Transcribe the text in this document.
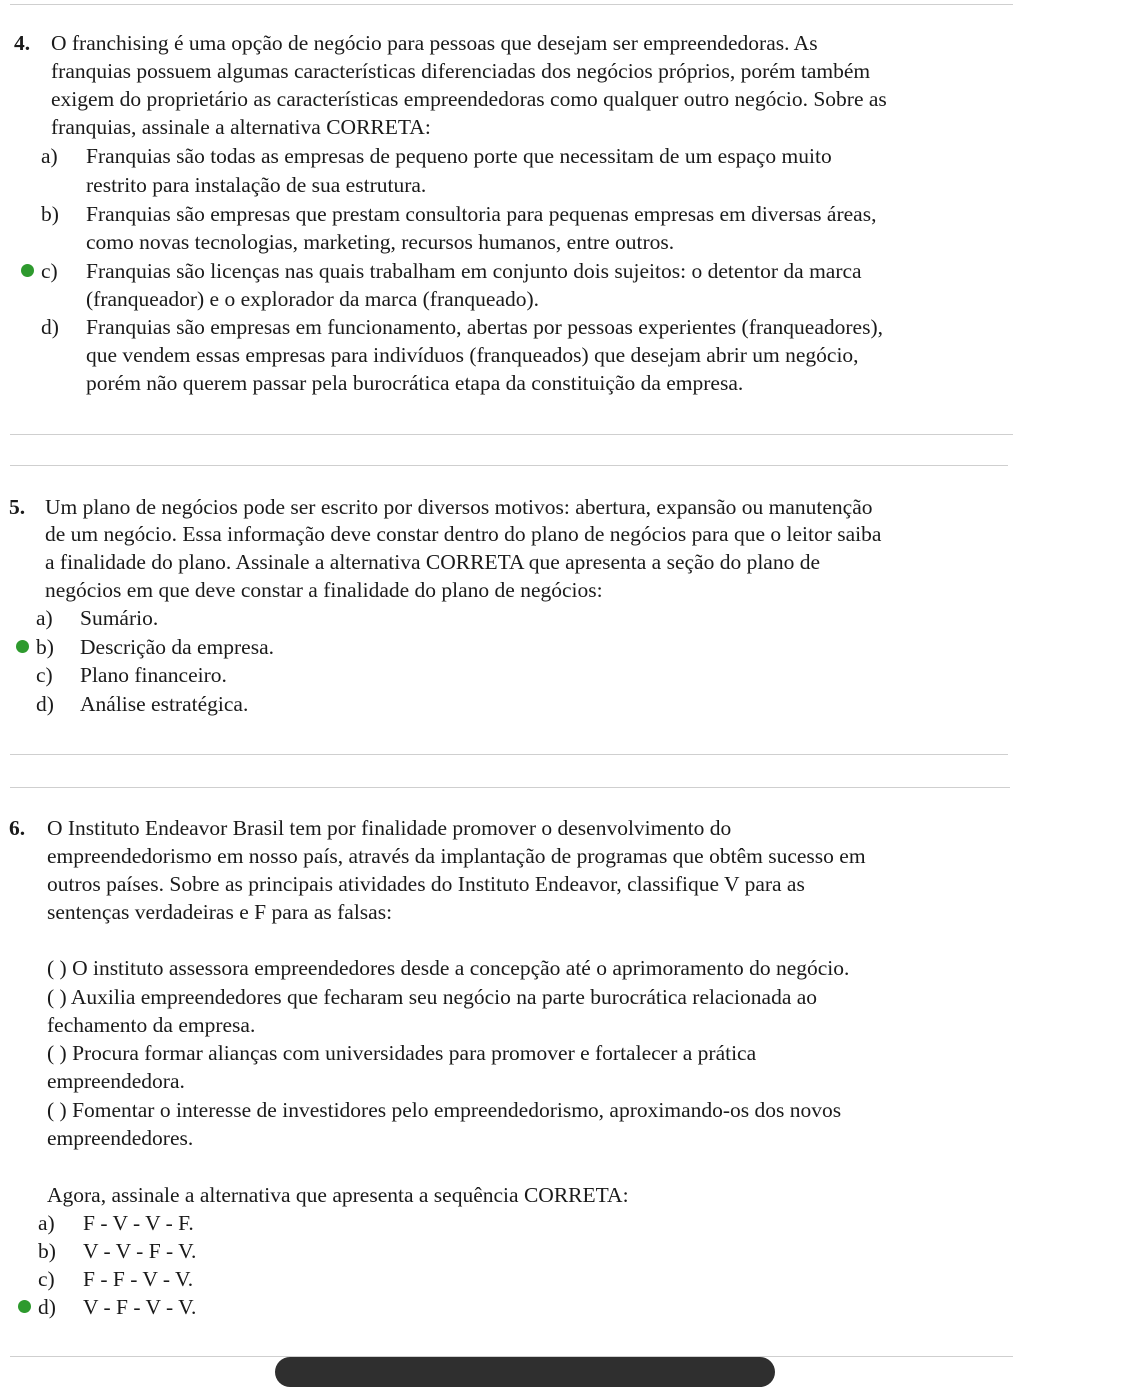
4. O franchising é uma opção de negócio para pessoas que desejam ser empreendedoras. As
franquias possuem algumas características diferenciadas dos negócios próprios, porém também
exigem do proprietário as características empreendedoras como qualquer outro negócio. Sobre as
franquias, assinale a alternativa CORRETA:
a) Franquias são todas as empresas de pequeno porte que necessitam de um espaço muito
restrito para instalação de sua estrutura.
b) Franquias são empresas que prestam consultoria para pequenas empresas em diversas áreas,
como novas tecnologias, marketing, recursos humanos, entre outros.
c) Franquias são licenças nas quais trabalham em conjunto dois sujeitos: o detentor da marca
(franqueador) e o explorador da marca (franqueado).
d) Franquias são empresas em funcionamento, abertas por pessoas experientes (franqueadores),
que vendem essas empresas para indivíduos (franqueados) que desejam abrir um negócio,
porém não querem passar pela burocrática etapa da constituição da empresa.
5. Um plano de negócios pode ser escrito por diversos motivos: abertura, expansão ou manutenção
de um negócio. Essa informação deve constar dentro do plano de negócios para que o leitor saiba
a finalidade do plano. Assinale a alternativa CORRETA que apresenta a seção do plano de
negócios em que deve constar a finalidade do plano de negócios:
a) Sumário.
b) Descrição da empresa.
c) Plano financeiro.
d) Análise estratégica.
6. O Instituto Endeavor Brasil tem por finalidade promover o desenvolvimento do
empreendedorismo em nosso país, através da implantação de programas que obtêm sucesso em
outros países. Sobre as principais atividades do Instituto Endeavor, classifique V para as
sentenças verdadeiras e F para as falsas:
( ) O instituto assessora empreendedores desde a concepção até o aprimoramento do negócio.
( ) Auxilia empreendedores que fecharam seu negócio na parte burocrática relacionada ao
fechamento da empresa.
( ) Procura formar alianças com universidades para promover e fortalecer a prática
empreendedora.
( ) Fomentar o interesse de investidores pelo empreendedorismo, aproximando-os dos novos
empreendedores.
Agora, assinale a alternativa que apresenta a sequência CORRETA:
a) F - V - V - F.
b) V - V - F - V.
c) F - F - V - V.
d) V - F - V - V.
